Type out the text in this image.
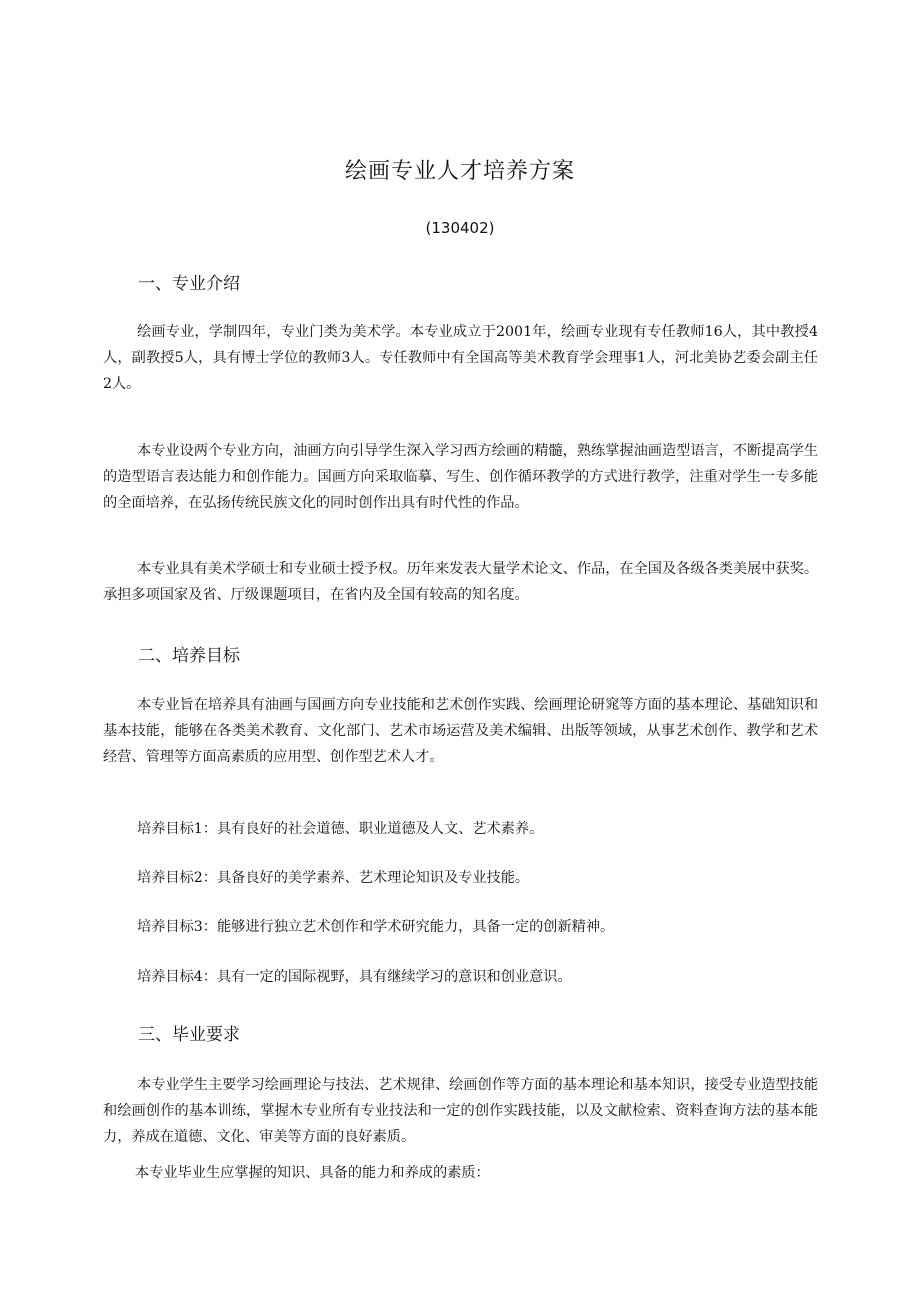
绘画专业人才培养方案
(130402)
一、专业介绍
绘画专业，学制四年，专业门类为美术学。本专业成立于2001年，绘画专业现有专任教师16人，其中教授4人，副教授5人，具有博士学位的教师3人。专任教师中有全国高等美术教育学会理事1人，河北美协艺委会副主任2人。
本专业设两个专业方向，油画方向引导学生深入学习西方绘画的精髓，熟练掌握油画造型语言，不断提高学生的造型语言表达能力和创作能力。国画方向采取临摹、写生、创作循环教学的方式进行教学，注重对学生一专多能的全面培养，在弘扬传统民族文化的同时创作出具有时代性的作品。
本专业具有美术学硕士和专业硕士授予权。历年来发表大量学术论文、作品，在全国及各级各类美展中获奖。承担多项国家及省、厅级课题项目，在省内及全国有较高的知名度。
二、培养目标
本专业旨在培养具有油画与国画方向专业技能和艺术创作实践、绘画理论研窕等方面的基本理论、基础知识和基本技能，能够在各类美术教育、文化部门、艺术市场运营及美术编辑、出版等领域，从事艺术创作、教学和艺术经营、管理等方面高素质的应用型、创作型艺术人才。
培养目标1：具有良好的社会道德、职业道德及人文、艺术素养。
培养目标2：具备良好的美学素养、艺术理论知识及专业技能。
培养目标3：能够进行独立艺术创作和学术研究能力，具备一定的创新精神。
培养目标4：具有一定的国际视野，具有继续学习的意识和创业意识。
三、毕业要求
本专业学生主要学习绘画理论与技法、艺术规律、绘画创作等方面的基本理论和基本知识，接受专业造型技能和绘画创作的基本训练，掌握木专业所有专业技法和一定的创作实践技能，以及文献检索、资料查询方法的基本能力，养成在道德、文化、审美等方面的良好素质。
本专业毕业生应掌握的知识、具备的能力和养成的素质：
